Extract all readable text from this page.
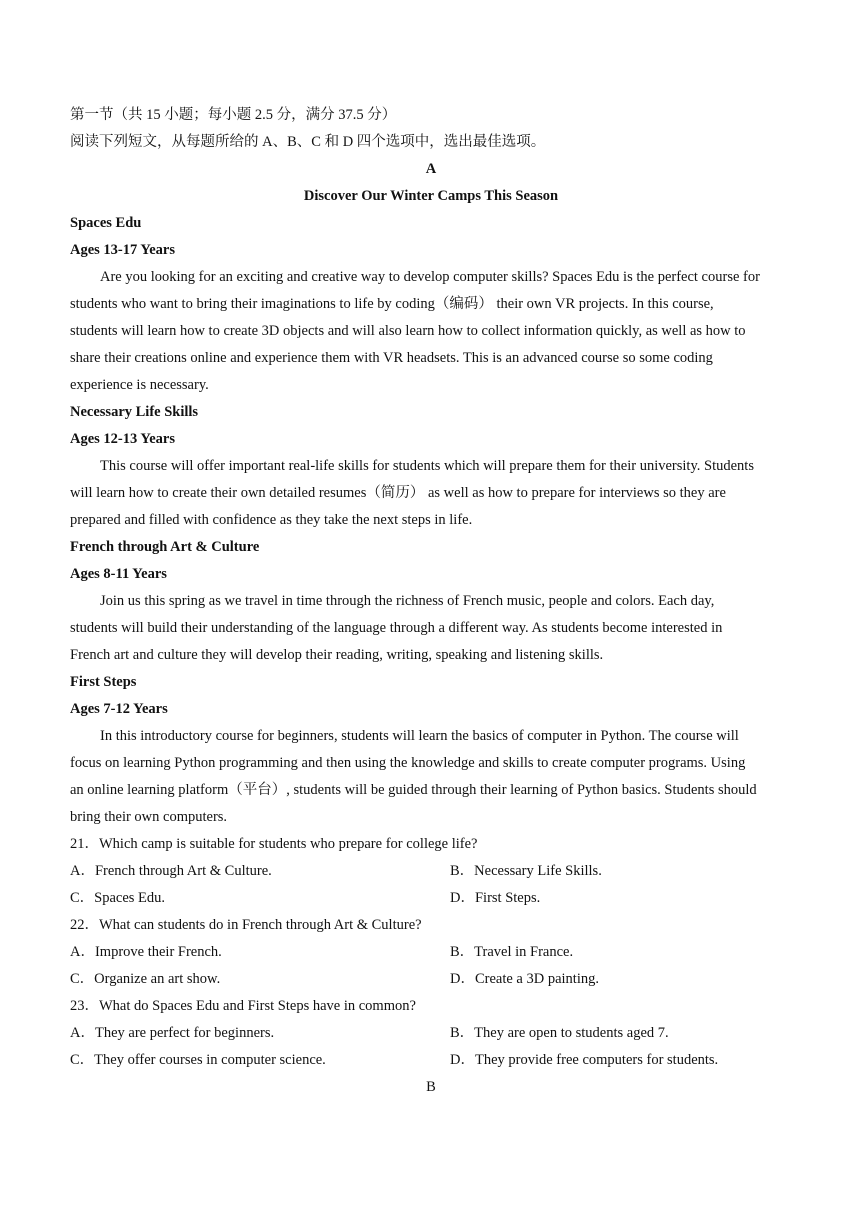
第一节（共 15 小题；每小题 2.5 分，满分 37.5 分）
阅读下列短文，从每题所给的 A、B、C 和 D 四个选项中，选出最佳选项。
A
Discover Our Winter Camps This Season
Spaces Edu
Ages 13-17 Years
Are you looking for an exciting and creative way to develop computer skills? Spaces Edu is the perfect course for
students who want to bring their imaginations to life by coding（编码） their own VR projects. In this course,
students will learn how to create 3D objects and will also learn how to collect information quickly, as well as how to
share their creations online and experience them with VR headsets. This is an advanced course so some coding
experience is necessary.
Necessary Life Skills
Ages 12-13 Years
This course will offer important real-life skills for students which will prepare them for their university. Students
will learn how to create their own detailed resumes（简历） as well as how to prepare for interviews so they are
prepared and filled with confidence as they take the next steps in life.
French through Art & Culture
Ages 8-11 Years
Join us this spring as we travel in time through the richness of French music, people and colors. Each day,
students will build their understanding of the language through a different way. As students become interested in
French art and culture they will develop their reading, writing, speaking and listening skills.
First Steps
Ages 7-12 Years
In this introductory course for beginners, students will learn the basics of computer in Python. The course will
focus on learning Python programming and then using the knowledge and skills to create computer programs. Using
an online learning platform（平台）, students will be guided through their learning of Python basics. Students should
bring their own computers.
21．Which camp is suitable for students who prepare for college life?
A．French through Art & Culture.	B．Necessary Life Skills.
C．Spaces Edu.	D．First Steps.
22．What can students do in French through Art & Culture?
A．Improve their French.	B．Travel in France.
C．Organize an art show.	D．Create a 3D painting.
23．What do Spaces Edu and First Steps have in common?
A．They are perfect for beginners.	B．They are open to students aged 7.
C．They offer courses in computer science.	D．They provide free computers for students.
B
